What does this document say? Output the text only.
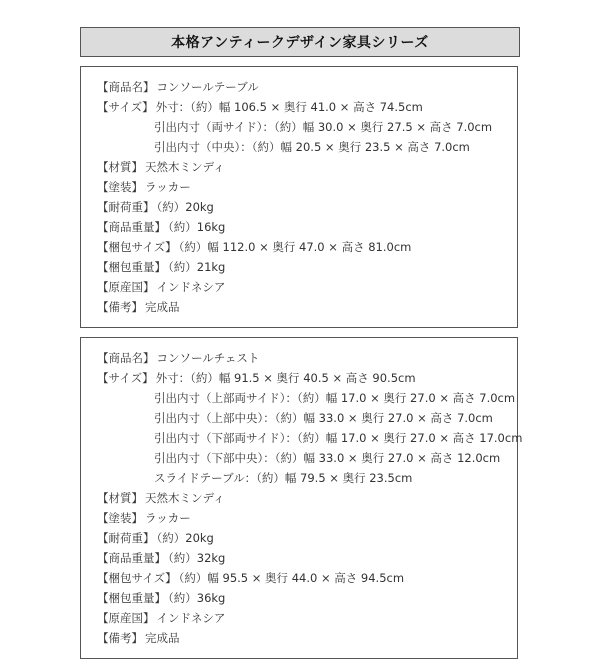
本格アンティークデザイン家具シリーズ
【商品名】 コンソールテーブル
【サイズ】 外寸：（約）幅 106.5 × 奥行 41.0 × 高さ 74.5cm
引出内寸（両サイド）：（約）幅 30.0 × 奥行 27.5 × 高さ 7.0cm
引出内寸（中央）：（約）幅 20.5 × 奥行 23.5 × 高さ 7.0cm
【材質】 天然木ミンディ
【塗装】 ラッカー
【耐荷重】 （約）20kg
【商品重量】 （約）16kg
【梱包サイズ】 （約）幅 112.0 × 奥行 47.0 × 高さ 81.0cm
【梱包重量】 （約）21kg
【原産国】 インドネシア
【備考】 完成品
【商品名】 コンソールチェスト
【サイズ】 外寸：（約）幅 91.5 × 奥行 40.5 × 高さ 90.5cm
引出内寸（上部両サイド）：（約）幅 17.0 × 奥行 27.0 × 高さ 7.0cm
引出内寸（上部中央）：（約）幅 33.0 × 奥行 27.0 × 高さ 7.0cm
引出内寸（下部両サイド）：（約）幅 17.0 × 奥行 27.0 × 高さ 17.0cm
引出内寸（下部中央）：（約）幅 33.0 × 奥行 27.0 × 高さ 12.0cm
スライドテーブル：（約）幅 79.5 × 奥行 23.5cm
【材質】 天然木ミンディ
【塗装】 ラッカー
【耐荷重】 （約）20kg
【商品重量】 （約）32kg
【梱包サイズ】 （約）幅 95.5 × 奥行 44.0 × 高さ 94.5cm
【梱包重量】 （約）36kg
【原産国】 インドネシア
【備考】 完成品
